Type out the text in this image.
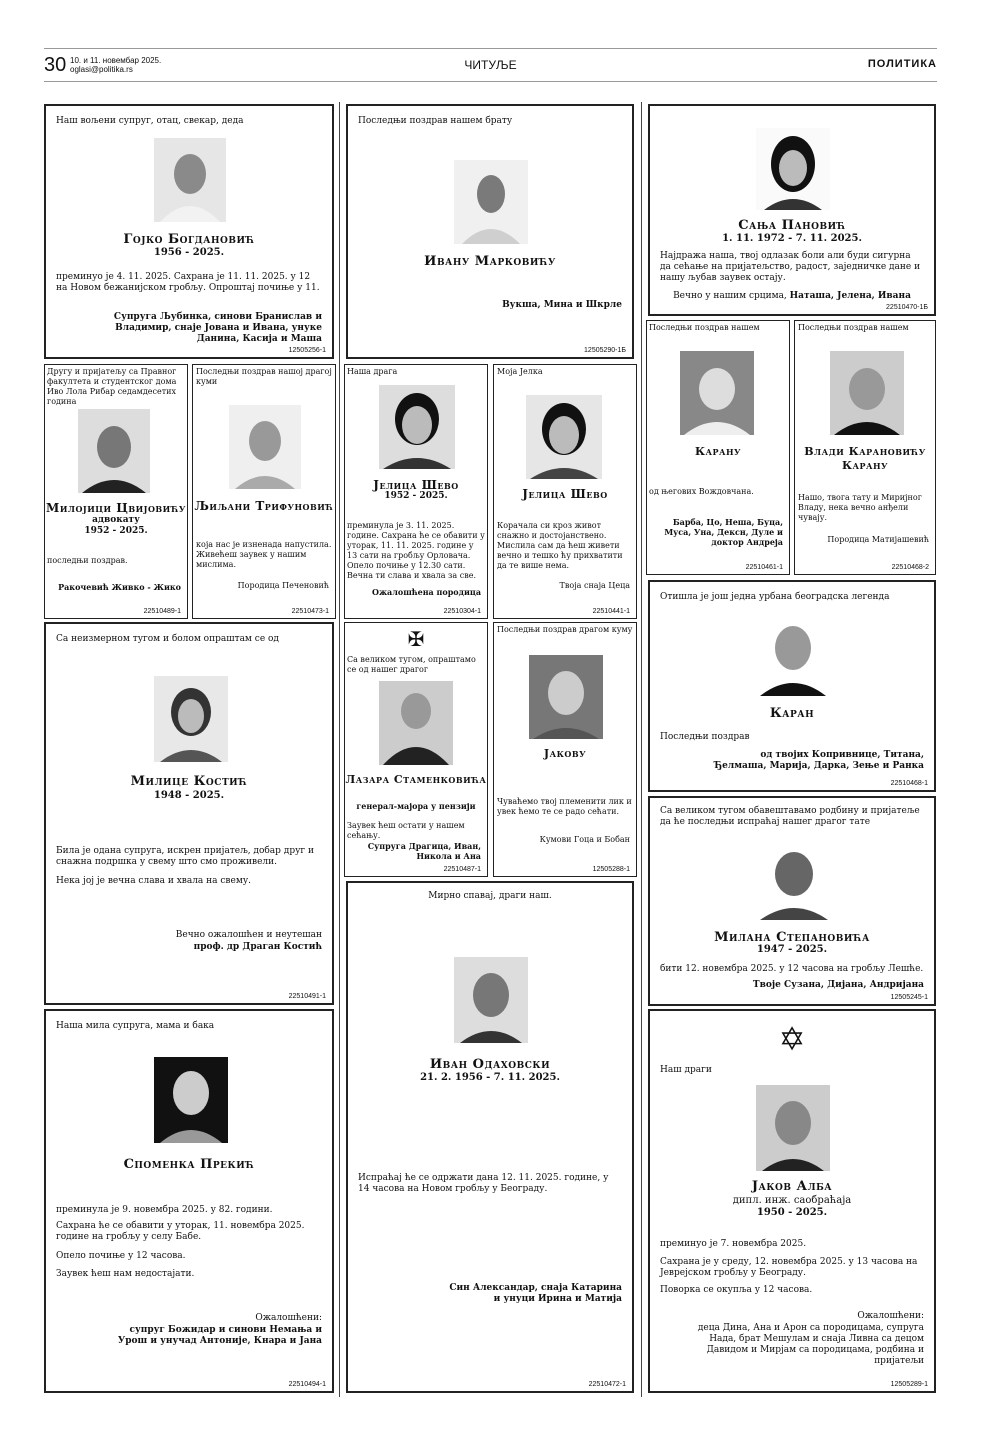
30 10. и 11. новембар 2025.
oglasi@politika.rs	ЧИТУЉЕ	ПОЛИТИКА
Наш вољени супруг, отац, свекар, деда
Гојко Богдановић
1956 - 2025.
преминуо је 4. 11. 2025. Сахрана је 11. 11. 2025. у 12 на Новом бежанијском гробљу. Опроштај почиње у 11.
Супруга Љубинка, синови Бранислав и Владимир, снаје Јована и Ивана, унуке Данина, Касија и Маша
12505256-1
Последњи поздрав нашем брату
Ивану Марковићу
Вукша, Мина и Шкрле
12505290-1Б
Сања Пановић
1. 11. 1972 - 7. 11. 2025.
Најдража наша, твој одлазак боли али буди сигурна да сећање на пријатељство, радост, заједничке дане и нашу љубав заувек остају.
Вечно у нашим срцима, Наташа, Јелена, Ивана
22510470-1Б
Другу и пријатељу са Правног факултета и студентског дома Иво Лола Рибар седамдесетих година
Милојици Цвијовићу
адвокату
1952 - 2025.
последњи поздрав.
Ракочевић Живко - Жико
22510489-1
Последњи поздрав нашој драгој куми
Љиљани Трифуновић
која нас је изненада напустила. Живећеш заувек у нашим мислима.
Породица Печеновић
22510473-1
Наша драга
Јелица Шево
1952 - 2025.
преминула је 3. 11. 2025. године. Сахрана ће се обавити у уторак, 11. 11. 2025. године у 13 сати на гробљу Орловача. Опело почиње у 12.30 сати. Вечна ти слава и хвала за све.
Ожалошћена породица
22510304-1
Моја Јелка
Јелица Шево
Корачала си кроз живот снажно и достојанствено. Мислила сам да ћеш живети вечно и тешко ћу прихватити да те више нема.
Твоја снаја Цеца
22510441-1
Последњи поздрав нашем
Карану
од његових Вождовчана.
Барба, Цо, Неша, Буца, Муса, Уна, Дексн, Дуле и доктор Андреја
22510461-1
Последњи поздрав нашем
Влади Карановићу Карану
Нашо, твога тату и Миријног Владу, нека вечно анђели чувају.
Породица Матијашевић
22510468-2
Са неизмерном тугом и болом опраштам се од
Милице Костић
1948 - 2025.
Била је одана супруга, искрен пријатељ, добар друг и снажна подршка у свему што смо проживели.
Нека јој је вечна слава и хвала на свему.
Вечно ожалошћен и неутешан
проф. др Драган Костић
22510491-1
✠
Са великом тугом, опраштамо се од нашег драгог
Лазара Стаменковића
генерал-мајора у пензији
Заувек ћеш остати у нашем сећању.
Супруга Драгица, Иван, Никола и Ана
22510487-1
Последњи поздрав драгом куму
Јакову
Чуваћемо твој племенити лик и увек ћемо те се радо сећати.
Кумови Гоца и Бобан
12505288-1
Отишла је још једна урбана београдска легенда
Каран
Последњи поздрав
од твојих Копривнице, Титана, Ђелмаша, Марија, Дарка, Зење и Ранка
22510468-1
Са великом тугом обавештавамо родбину и пријатеље да ће последњи испраћај нашег драгог тате
Милана Степановића
1947 - 2025.
бити 12. новембра 2025. у 12 часова на гробљу Лешће.
Твоје Сузана, Дијана, Андријана
12505245-1
Наша мила супруга, мама и бака
Споменка Прекић
преминула је 9. новембра 2025. у 82. години.
Сахрана ће се обавити у уторак, 11. новембра 2025. године на гробљу у селу Бабе.
Опело почиње у 12 часова.
Заувек ћеш нам недостајати.
Ожалошћени:
супруг Божидар и синови Немања и Урош и унучад Антоније, Кнара и Јана
22510494-1
Мирно спавај, драги наш.
Иван Одаховски
21. 2. 1956 - 7. 11. 2025.
Испраћај ће се одржати дана 12. 11. 2025. године, у 14 часова на Новом гробљу у Београду.
Син Александар, снаја Катарина и унуци Ирина и Матија
22510472-1
✡
Наш драги
Јаков Алба
дипл. инж. саобраћаја
1950 - 2025.
преминуо је 7. новембра 2025.
Сахрана је у среду, 12. новембра 2025. у 13 часова на Јеврејском гробљу у Београду.
Поворка се окупља у 12 часова.
Ожалошћени:
деца Дина, Ана и Арон са породицама, супруга Нада, брат Мешулам и снаја Ливна са децом Давидом и Мирјам са породицама, родбина и пријатељи
12505289-1
